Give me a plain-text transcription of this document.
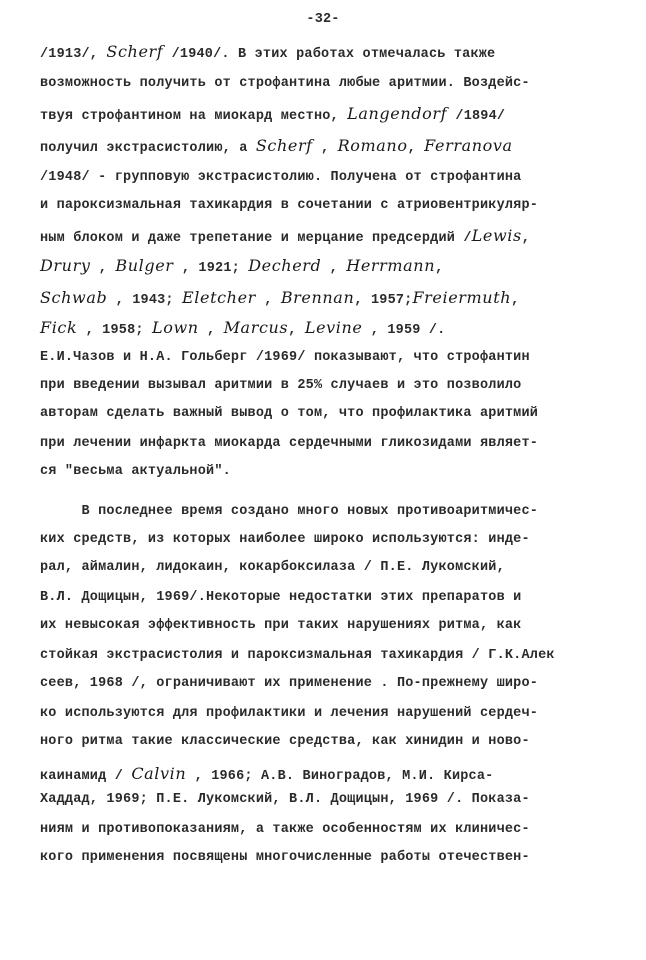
-32-
/1913/, Scherf /1940/. В этих работах отмечалась также
возможность получить от строфантина любые аритмии. Воздейс-
твуя строфантином на миокард местно, Langendorf /1894/
получил экстрасистолию, а Scherf , Romano, Ferranova
/1948/ - групповую экстрасистолию. Получена от строфантина
и пароксизмальная тахикардия в сочетании с атриовентрикуляр-
ным блоком и даже трепетание и мерцание предсердий /Lewis,
Drury , Bulger , 1921; Decherd , Herrmann,
Schwab , 1943; Eletcher , Brennan, 1957;Freiermuth,
Fick , 1958; Lown , Marcus, Levine , 1959 /.
Е.И.Чазов и Н.А. Гольберг /1969/ показывают, что строфантин
при введении вызывал аритмии в 25% случаев и это позволило
авторам сделать важный вывод о том, что профилактика аритмий
при лечении инфаркта миокарда сердечными гликозидами являет-
ся "весьма актуальной".
В последнее время создано много новых противоаритмичес-
ких средств, из которых наиболее широко используются: инде-
рал, аймалин, лидокаин, кокарбоксилаза / П.Е. Лукомский,
В.Л. Дощицын, 1969/.Некоторые недостатки этих препаратов и
их невысокая эффективность при таких нарушениях ритма, как
стойкая экстрасистолия и пароксизмальная тахикардия / Г.К.Алек
сеев, 1968 /, ограничивают их применение . По-прежнему широ-
ко используются для профилактики и лечения нарушений сердеч-
ного ритма такие классические средства, как хинидин и ново-
каинамид / Calvin , 1966; А.В. Виноградов, М.И. Кирса-
Хаддад, 1969; П.Е. Лукомский, В.Л. Дощицын, 1969 /. Показа-
ниям и противопоказаниям, а также особенностям их клиничес-
кого применения посвящены многочисленные работы отечествен-
